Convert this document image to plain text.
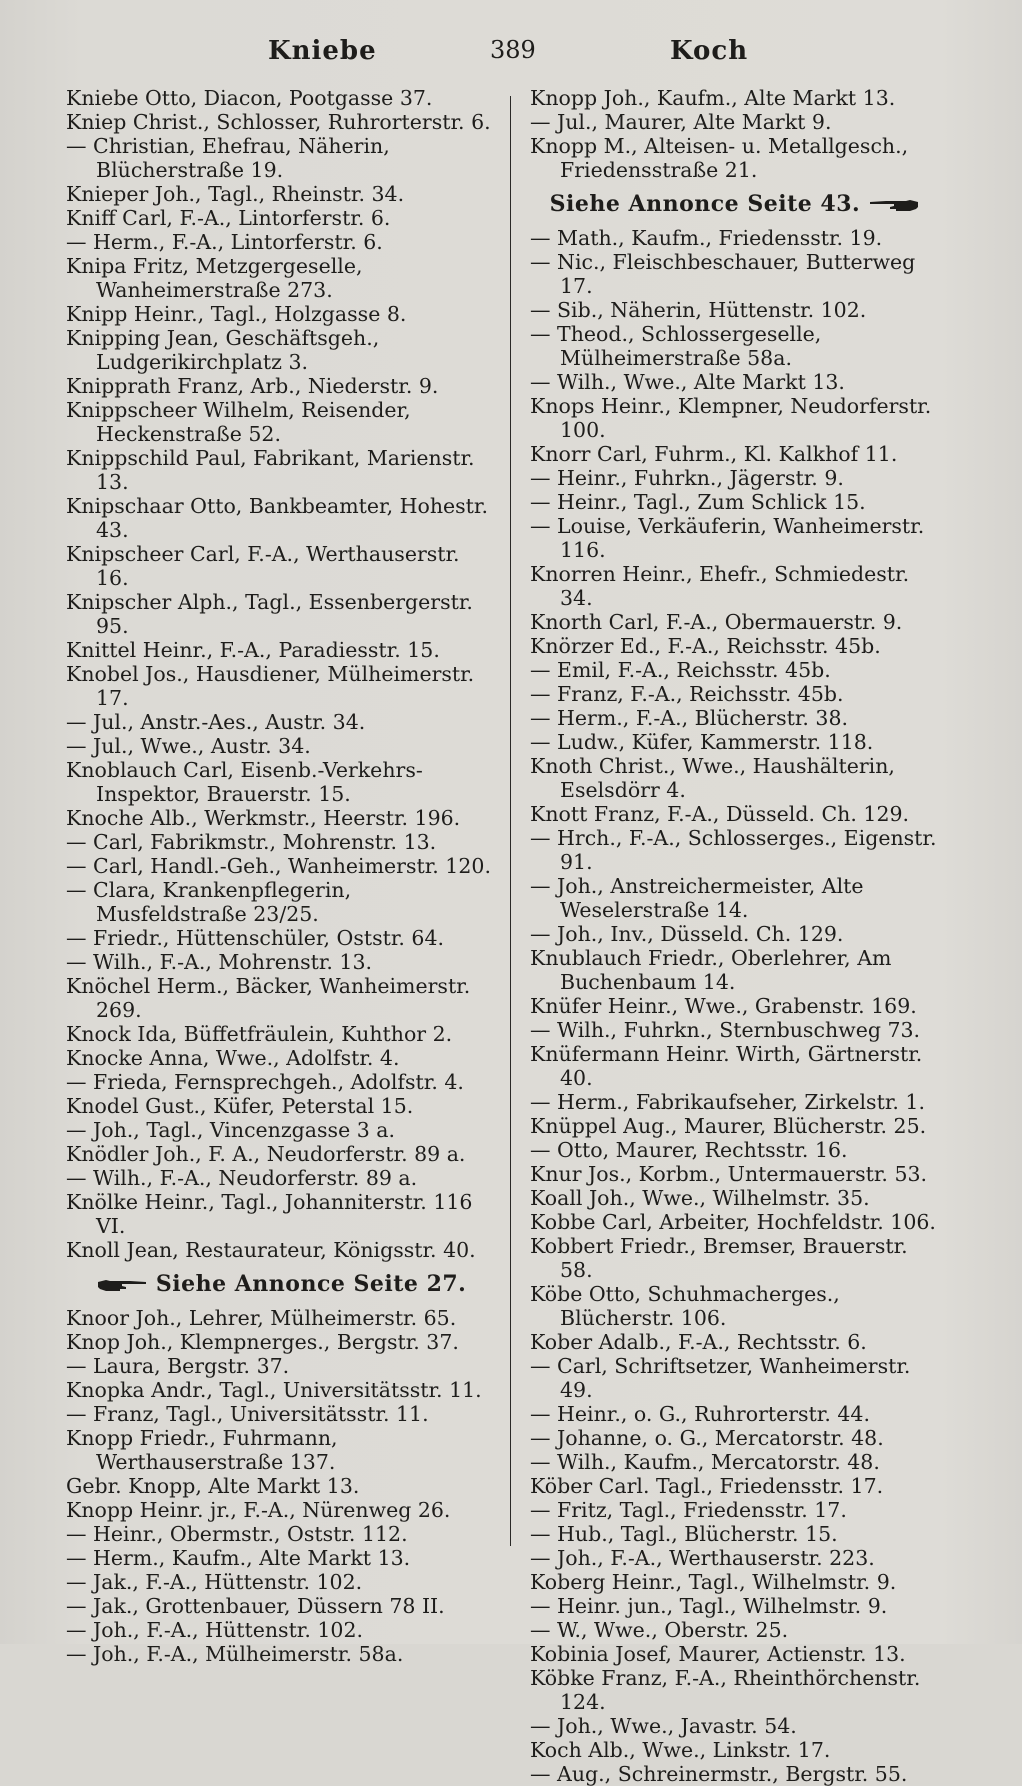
Kniebe	389	Koch

Kniebe Otto, Diacon, Pootgasse 37.

Kniep Christ., Schlosser, Ruhrorterstr. 6.

— Christian, Ehefrau, Näherin, Blücherstraße 19.

Knieper Joh., Tagl., Rheinstr. 34.

Kniff Carl, F.-A., Lintorferstr. 6.

— Herm., F.-A., Lintorferstr. 6.

Knipa Fritz, Metzgergeselle, Wanheimerstraße 273.

Knipp Heinr., Tagl., Holzgasse 8.

Knipping Jean, Geschäftsgeh., Ludgerikirchplatz 3.

Knipprath Franz, Arb., Niederstr. 9.

Knippscheer Wilhelm, Reisender, Heckenstraße 52.

Knippschild Paul, Fabrikant, Marienstr. 13.

Knipschaar Otto, Bankbeamter, Hohestr. 43.

Knipscheer Carl, F.-A., Werthauserstr. 16.

Knipscher Alph., Tagl., Essenbergerstr. 95.

Knittel Heinr., F.-A., Paradiesstr. 15.

Knobel Jos., Hausdiener, Mülheimerstr. 17.

— Jul., Anstr.-Aes., Austr. 34.

— Jul., Wwe., Austr. 34.

Knoblauch Carl, Eisenb.-Verkehrs-Inspektor, Brauerstr. 15.

Knoche Alb., Werkmstr., Heerstr. 196.

— Carl, Fabrikmstr., Mohrenstr. 13.

— Carl, Handl.-Geh., Wanheimerstr. 120.

— Clara, Krankenpflegerin, Musfeldstraße 23/25.

— Friedr., Hüttenschüler, Oststr. 64.

— Wilh., F.-A., Mohrenstr. 13.

Knöchel Herm., Bäcker, Wanheimerstr. 269.

Knock Ida, Büffetfräulein, Kuhthor 2.

Knocke Anna, Wwe., Adolfstr. 4.

— Frieda, Fernsprechgeh., Adolfstr. 4.

Knodel Gust., Küfer, Peterstal 15.

— Joh., Tagl., Vincenzgasse 3 a.

Knödler Joh., F. A., Neudorferstr. 89 a.

— Wilh., F.-A., Neudorferstr. 89 a.

Knölke Heinr., Tagl., Johanniterstr. 116 VI.

Knoll Jean, Restaurateur, Königsstr. 40.

Siehe Annonce Seite 27.

Knoor Joh., Lehrer, Mülheimerstr. 65.

Knop Joh., Klempnerges., Bergstr. 37.

— Laura, Bergstr. 37.

Knopka Andr., Tagl., Universitätsstr. 11.

— Franz, Tagl., Universitätsstr. 11.

Knopp Friedr., Fuhrmann, Werthauserstraße 137.

Gebr. Knopp, Alte Markt 13.

Knopp Heinr. jr., F.-A., Nürenweg 26.

— Heinr., Obermstr., Oststr. 112.

— Herm., Kaufm., Alte Markt 13.

— Jak., F.-A., Hüttenstr. 102.

— Jak., Grottenbauer, Düssern 78 II.

— Joh., F.-A., Hüttenstr. 102.

— Joh., F.-A., Mülheimerstr. 58a.

Knopp Joh., Kaufm., Alte Markt 13.

— Jul., Maurer, Alte Markt 9.

Knopp M., Alteisen- u. Metallgesch., Friedensstraße 21.

Siehe Annonce Seite 43.

— Math., Kaufm., Friedensstr. 19.

— Nic., Fleischbeschauer, Butterweg 17.

— Sib., Näherin, Hüttenstr. 102.

— Theod., Schlossergeselle, Mülheimerstraße 58a.

— Wilh., Wwe., Alte Markt 13.

Knops Heinr., Klempner, Neudorferstr. 100.

Knorr Carl, Fuhrm., Kl. Kalkhof 11.

— Heinr., Fuhrkn., Jägerstr. 9.

— Heinr., Tagl., Zum Schlick 15.

— Louise, Verkäuferin, Wanheimerstr. 116.

Knorren Heinr., Ehefr., Schmiedestr. 34.

Knorth Carl, F.-A., Obermauerstr. 9.

Knörzer Ed., F.-A., Reichsstr. 45b.

— Emil, F.-A., Reichsstr. 45b.

— Franz, F.-A., Reichsstr. 45b.

— Herm., F.-A., Blücherstr. 38.

— Ludw., Küfer, Kammerstr. 118.

Knoth Christ., Wwe., Haushälterin, Eselsdörr 4.

Knott Franz, F.-A., Düsseld. Ch. 129.

— Hrch., F.-A., Schlosserges., Eigenstr. 91.

— Joh., Anstreichermeister, Alte Weselerstraße 14.

— Joh., Inv., Düsseld. Ch. 129.

Knublauch Friedr., Oberlehrer, Am Buchenbaum 14.

Knüfer Heinr., Wwe., Grabenstr. 169.

— Wilh., Fuhrkn., Sternbuschweg 73.

Knüfermann Heinr. Wirth, Gärtnerstr. 40.

— Herm., Fabrikaufseher, Zirkelstr. 1.

Knüppel Aug., Maurer, Blücherstr. 25.

— Otto, Maurer, Rechtsstr. 16.

Knur Jos., Korbm., Untermauerstr. 53.

Koall Joh., Wwe., Wilhelmstr. 35.

Kobbe Carl, Arbeiter, Hochfeldstr. 106.

Kobbert Friedr., Bremser, Brauerstr. 58.

Köbe Otto, Schuhmacherges., Blücherstr. 106.

Kober Adalb., F.-A., Rechtsstr. 6.

— Carl, Schriftsetzer, Wanheimerstr. 49.

— Heinr., o. G., Ruhrorterstr. 44.

— Johanne, o. G., Mercatorstr. 48.

— Wilh., Kaufm., Mercatorstr. 48.

Köber Carl. Tagl., Friedensstr. 17.

— Fritz, Tagl., Friedensstr. 17.

— Hub., Tagl., Blücherstr. 15.

— Joh., F.-A., Werthauserstr. 223.

Koberg Heinr., Tagl., Wilhelmstr. 9.

— Heinr. jun., Tagl., Wilhelmstr. 9.

— W., Wwe., Oberstr. 25.

Kobinia Josef, Maurer, Actienstr. 13.

Köbke Franz, F.-A., Rheinthörchenstr. 124.

— Joh., Wwe., Javastr. 54.

Koch Alb., Wwe., Linkstr. 17.

— Aug., Schreinermstr., Bergstr. 55.
